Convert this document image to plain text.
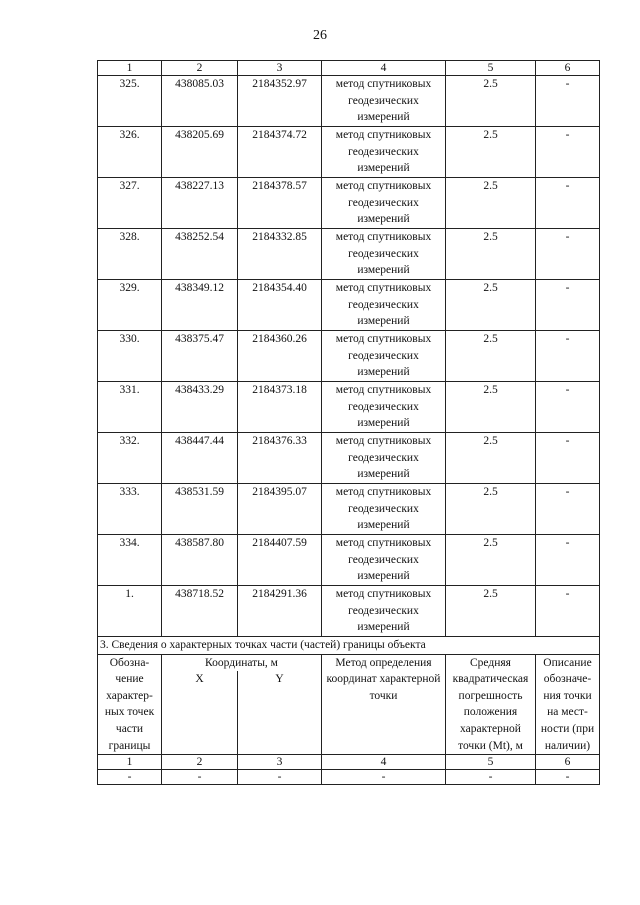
26
1	2	3	4	5	6
325.	438085.03	2184352.97	метод спутниковых геодезических измерений	2.5	-
326.	438205.69	2184374.72	метод спутниковых геодезических измерений	2.5	-
327.	438227.13	2184378.57	метод спутниковых геодезических измерений	2.5	-
328.	438252.54	2184332.85	метод спутниковых геодезических измерений	2.5	-
329.	438349.12	2184354.40	метод спутниковых геодезических измерений	2.5	-
330.	438375.47	2184360.26	метод спутниковых геодезических измерений	2.5	-
331.	438433.29	2184373.18	метод спутниковых геодезических измерений	2.5	-
332.	438447.44	2184376.33	метод спутниковых геодезических измерений	2.5	-
333.	438531.59	2184395.07	метод спутниковых геодезических измерений	2.5	-
334.	438587.80	2184407.59	метод спутниковых геодезических измерений	2.5	-
1.	438718.52	2184291.36	метод спутниковых геодезических измерений	2.5	-
3. Сведения о характерных точках части (частей) границы объекта					
Обозна-чение характер-ных точек части границы	Координаты, м		Метод определения координат характерной точки	Средняя квадратическая погрешность положения характерной точки (Mt), м	Описание обозначе-ния точки на мест-ности (при наличии)
	X	Y			
1	2	3	4	5	6
-	-	-	-	-	-
